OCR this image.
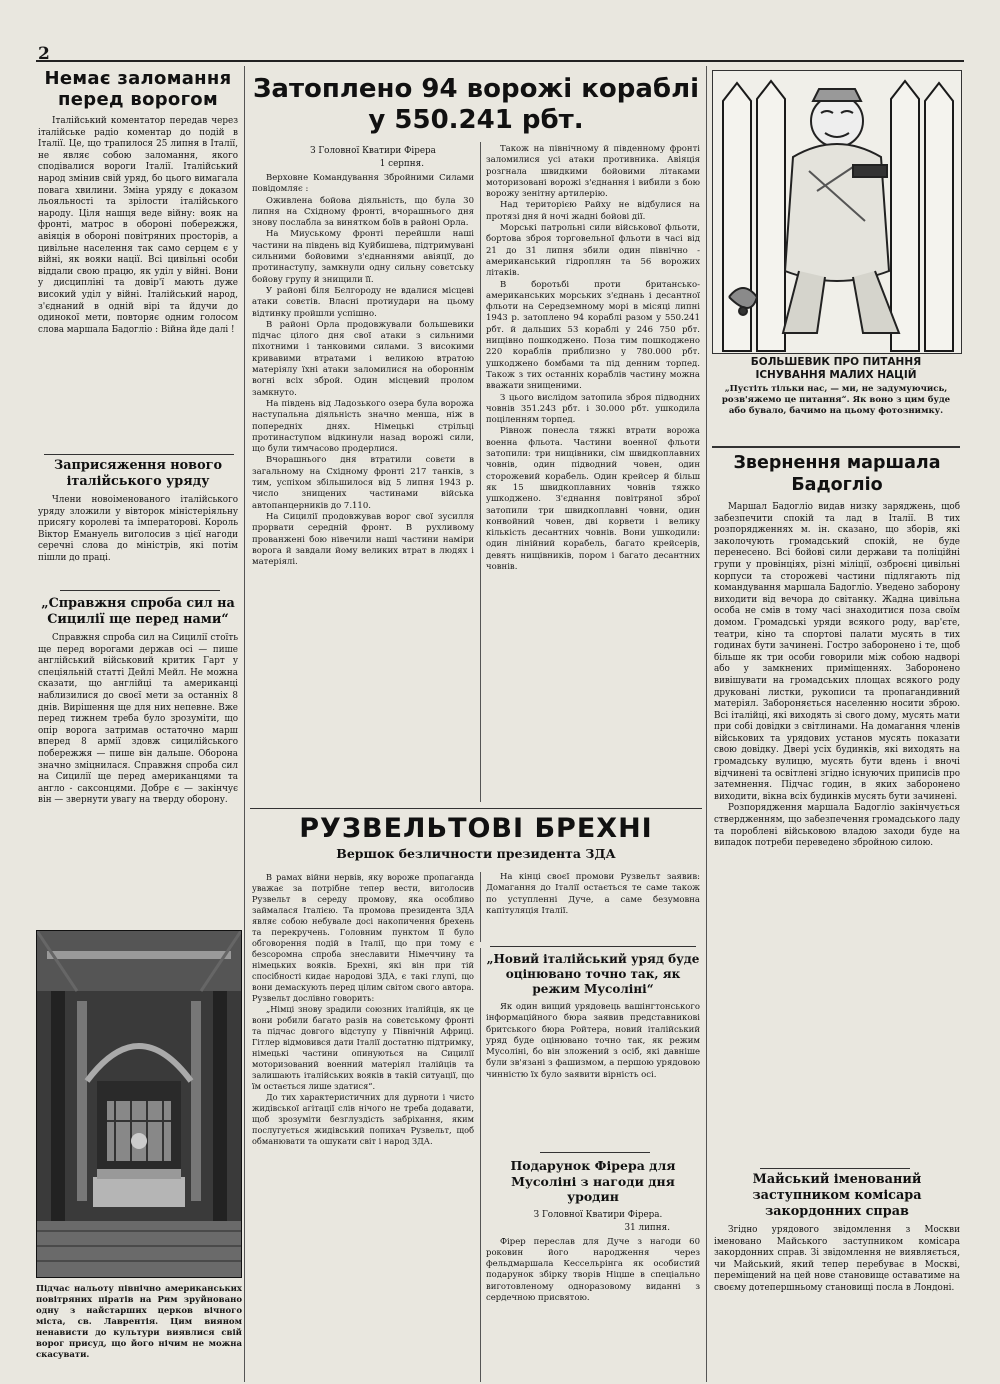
2
Немає заломання перед ворогом

Італійський коментатор передав через італійське радіо коментар до подій в Італії. Це, що трапилося 25 липня в Італії, не являє собою заломання, якого сподівалися вороги Італії. Італійський народ змінив свій уряд, бо цього вимагала повага хвилини. Зміна уряду є доказом льояльності та зрілости італійського народу. Ціля нашця веде війну: вояк на фронті, матрос в обороні побережжя, авіяція в обороні повітряних просторів, а цивільне населення так само серцем є у війні, як вояки нації. Всі цивільні особи віддали свою працю, як удiл у війні. Вони у дисциплiнi та довір'ї мають дуже високий удiл у війні. Італійський народ, з'єднаний в одній вірі та йдучи до одинокої мети, повторяє одним голосом слова маршала Бадоглiо : Війна йде далі !

Заприсяження нового італійського уряду

Члени новоіменованого італійського уряду зложили у вівторок міністеріяльну присягу королеві та імператорові. Король Віктор Емануель виголосив з цієї нагоди серечні слова до міністрів, які потім пішли до праці.

„Справжня спроба сил на Сицилії ще перед нами“

Справжня спроба сил на Сицилії стоїть ще перед ворогами держав осі — пише англійський військовий критик Гарт у спеціяльній статті Дейлі Мейл. Не можна сказати, що англійці та американці наблизилися до своєї мети за останніх 8 днів. Вирішення ще для них непевне. Вже перед тижнем треба було зрозуміти, що опір ворога затримав остаточно марш вперед 8 армії здовж сицилійського побережжя — пише він дальше. Оборона значно зміцнилася. Справжня спроба сил на Сицилії ще перед американцями та англо - саксонцями. Добре є — закінчує він — звернути увагу на тверду оборону.

Підчас нальоту північно американських повітряних піратів на Рим зруйновано одну з найстарших церков вічного міста, св. Лаврентія. Цим вияном ненависти до культури виявлися свій ворог присуд, що його нічим не можна скасувати.

Затоплено 94 ворожі кораблі
у 550.241 рбт.

З Головної Кватири Фірера

1 серпня.

Верховне Командування Збройними Силами повідомляє :

Оживлена бойова діяльність, що була 30 липня на Східному фронті, вчорашнього дня знову послабла за винятком боїв в районі Орла.

На Миуському фронті перейшли наші частини на південь від Куйбишева, підтримувані сильними бойовими з'єднаннями авіяції, до протинаступу, замкнули одну сильну совєтську бойову групу й знищили її.

У районі біля Бєлгороду не вдалися місцеві атаки совєтів. Власні протиудари на цьому відтинку пройшли успішно.

В районі Орла продовжували большевики підчас цілого дня свої атаки з сильними піхотними і танковими силами. З високими кривавими втратами і великою втратою матеріялу їхні атаки заломилися на обороннім вогні всіх зброй. Один місцевий пролом замкнуто.

На південь від Ладозького озера була ворожа наступальна діяльність значно менша, ніж в попередніх днях. Німецькі стрільці протинаступом відкинули назад ворожі сили, що були тимчасово продерлися.

Вчорашнього дня втратили совєти в загальному на Східному фронті 217 танків, з тим, успіхом збільшилося від 5 липня 1943 р. число знищених частинами війська автопанцерників до 7.110.

На Сицилії продовжував ворог свої зусилля прорвати середній фронт. В рухливому прованжені бою нівечили наші частини наміри ворога й завдали йому великих втрат в людях і матеріялі.

Також на північному й південному фронті заломилися усі атаки противника. Авіяція розгнала швидкими бойовими літаками моторизовані ворожі з'єднання і вибили з бою ворожу зенітну артилерію.

Над територією Райху не відбулися на протязі дня й ночі жадні бойові дії.

Морські патрольні сили військової фльоти, бортова зброя торговельної фльоти в часі від 21 до 31 липня збили один північно - американський гідроплян та 56 ворожих літаків.

В боротьбі проти британсько-американських морських з'єднань і десантної фльоти на Середземному морі в місяці липні 1943 р. затоплено 94 кораблі разом у 550.241 рбт. й дальших 53 кораблі у 246 750 рбт. нищівно пошкоджено. Поза тим пошкоджено 220 кораблів приблизно у 780.000 рбт. ушкоджено бомбами та під денним торпед. Також з тих останніх кораблів частину можна вважати знищеними.

З цього вислідом затопила зброя підводних човнів 351.243 рбт. і 30.000 рбт. ушкодила поціленням торпед.

Рівнож понесла тяжкі втрати ворожа военна фльота. Частини военної фльоти затопили: три нищівники, сім швидкоплавних човнів, один підводний човен, один сторожевий корабель. Один крейсер й більш як 15 швидкоплавних човнів тяжко ушкоджено. З'єднання повітряної зброї затопили три швидкоплавні човни, один конвойний човен, дві корвети і велику кількість десантних човнів. Вони ушкодили: один лінійний корабель, багато крейсерів, девять нищівників, пором і багато десантних човнів.

РУЗВЕЛЬТОВІ БРЕХНІ
Вершок безличности президента ЗДА

В рамах війни нервів, яку вороже пропаганда уважає за потрібне тепер вести, виголосив Рузвельт в середу промову, яка особливо займалася Італією. Та промова президента ЗДА являє собою небувале досі накопичення брехень та перекручень. Головним пунктом її було обговорення подій в Італії, що при тому є безсоромна спроба знеславити Німеччину та німецьких вояків. Брехні, які він при тій спосібності кидає народові ЗДА, є такі глупі, що вони демаскують перед цілим світом свого автора. Рузвельт дослівно говорить:

„Німці знову зрадили союзних італійців, як це вони робили багато разів на совєтському фронті та підчас довгого відступу у Північній Африці. Гітлер відмовився дати Італії достатню підтримку, німецькі частини опинуються на Сицилії моторизований военний матеріял італійців та залишають італійських вояків в такій ситуації, що їм остається лише здатися“.

До тих характеристичних для дурноти і чисто жидівської агітації слів нічого не треба додавати, щоб зрозуміти безглуздість забріхання, яким послугується жидівський попихач Рузвельт, щоб обманювати та ошукати світ і народ ЗДА.

На кінці своєї промови Рузвельт заявив: Домагання до Італії остається те саме також по уступленні Дуче, а саме безумовна капітуляція Італії.

„Новий італійський уряд буде оцінювано точно так, як режим Мусоліні“

Як один вищий урядовець вашінгтонського інформаційного бюра заявив представникові бритського бюра Ройтера, новий італійський уряд буде оцінювано точно так, як режим Мусоліні, бо він зложений з осіб, які давніше були зв'язані з фашизмом, а першою урядовою чинністю їх було заявити вірність осі.

Подарунок Фірера для Мусоліні з нагоди дня уродин

З Головної Кватири Фірера.

31 липня.

Фірер переслав для Дуче з нагоди 60 роковин його народження через фельдмаршала Кессельрінга як особистий подарунок збірку творів Ніцше в спеціально виготовленому одноразовому виданні з сердечною присвятою.

БОЛЬШЕВИК ПРО ПИТАННЯ

ІСНУВАННЯ МАЛИХ НАЦІЙ

„Пустіть тільки нас, — ми, не задумуючись, розв'яжемо це питання“. Як воно з цим буде або бувало, бачимо на цьому фотознимку.

Звернення маршала Бадоглiо

Маршал Бадоглiо видав низку заряджень, щоб забезпечити спокій та лад в Італії. В тих розпорядженнях м. ін. сказано, що зборів, які заколочують громадський спокій, не буде перенесено. Всі бойові сили держави та поліційні групи у провінціях, різні міліції, озброєні цивільні корпуси та сторожеві частини підлягають під командування маршала Бадоглiо. Уведено заборону виходити від вечора до світанку. Жадна цивільна особа не смів в тому часі знаходитися поза своїм домом. Громадські уряди всякого роду, вар'єте, театри, кіно та спортові палати мусять в тих годинах бути зачинені. Гостро заборонено і те, щоб більше як три особи говорили між собою надворі або у замкнених приміщеннях. Заборонено вивішувати на громадських площах всякого роду друковані листки, рукописи та пропагандивний матеріял. Забороняється населенню носити зброю. Всі італійці, які виходять зі свого дому, мусять мати при собі довідки з світлинами. На домагання членів військових та урядових установ мусять показати свою довідку. Двері усіх будинків, які виходять на громадську вулицю, мусять бути вдень і вночі відчинені та освітлені згідно існуючих приписів про затемнення. Підчас годин, в яких заборонено виходити, вікна всіх будинків мусять бути зачинені.

Розпорядження маршала Бадоглiо закінчується ствердженням, що забезпечення громадського ладу та пороблені військовою владою заходи буде на випадок потреби переведено збройною силою.

Майський іменований заступником комісара закордонних справ

Згідно урядового звідомлення з Москви іменовано Майського заступником комісара закордонних справ. Зі звідомлення не виявляється, чи Майський, який тепер перебуває в Москві, переміщений на цей нове становище оставатиме на своєму дотепершньому становищі посла в Лондоні.
